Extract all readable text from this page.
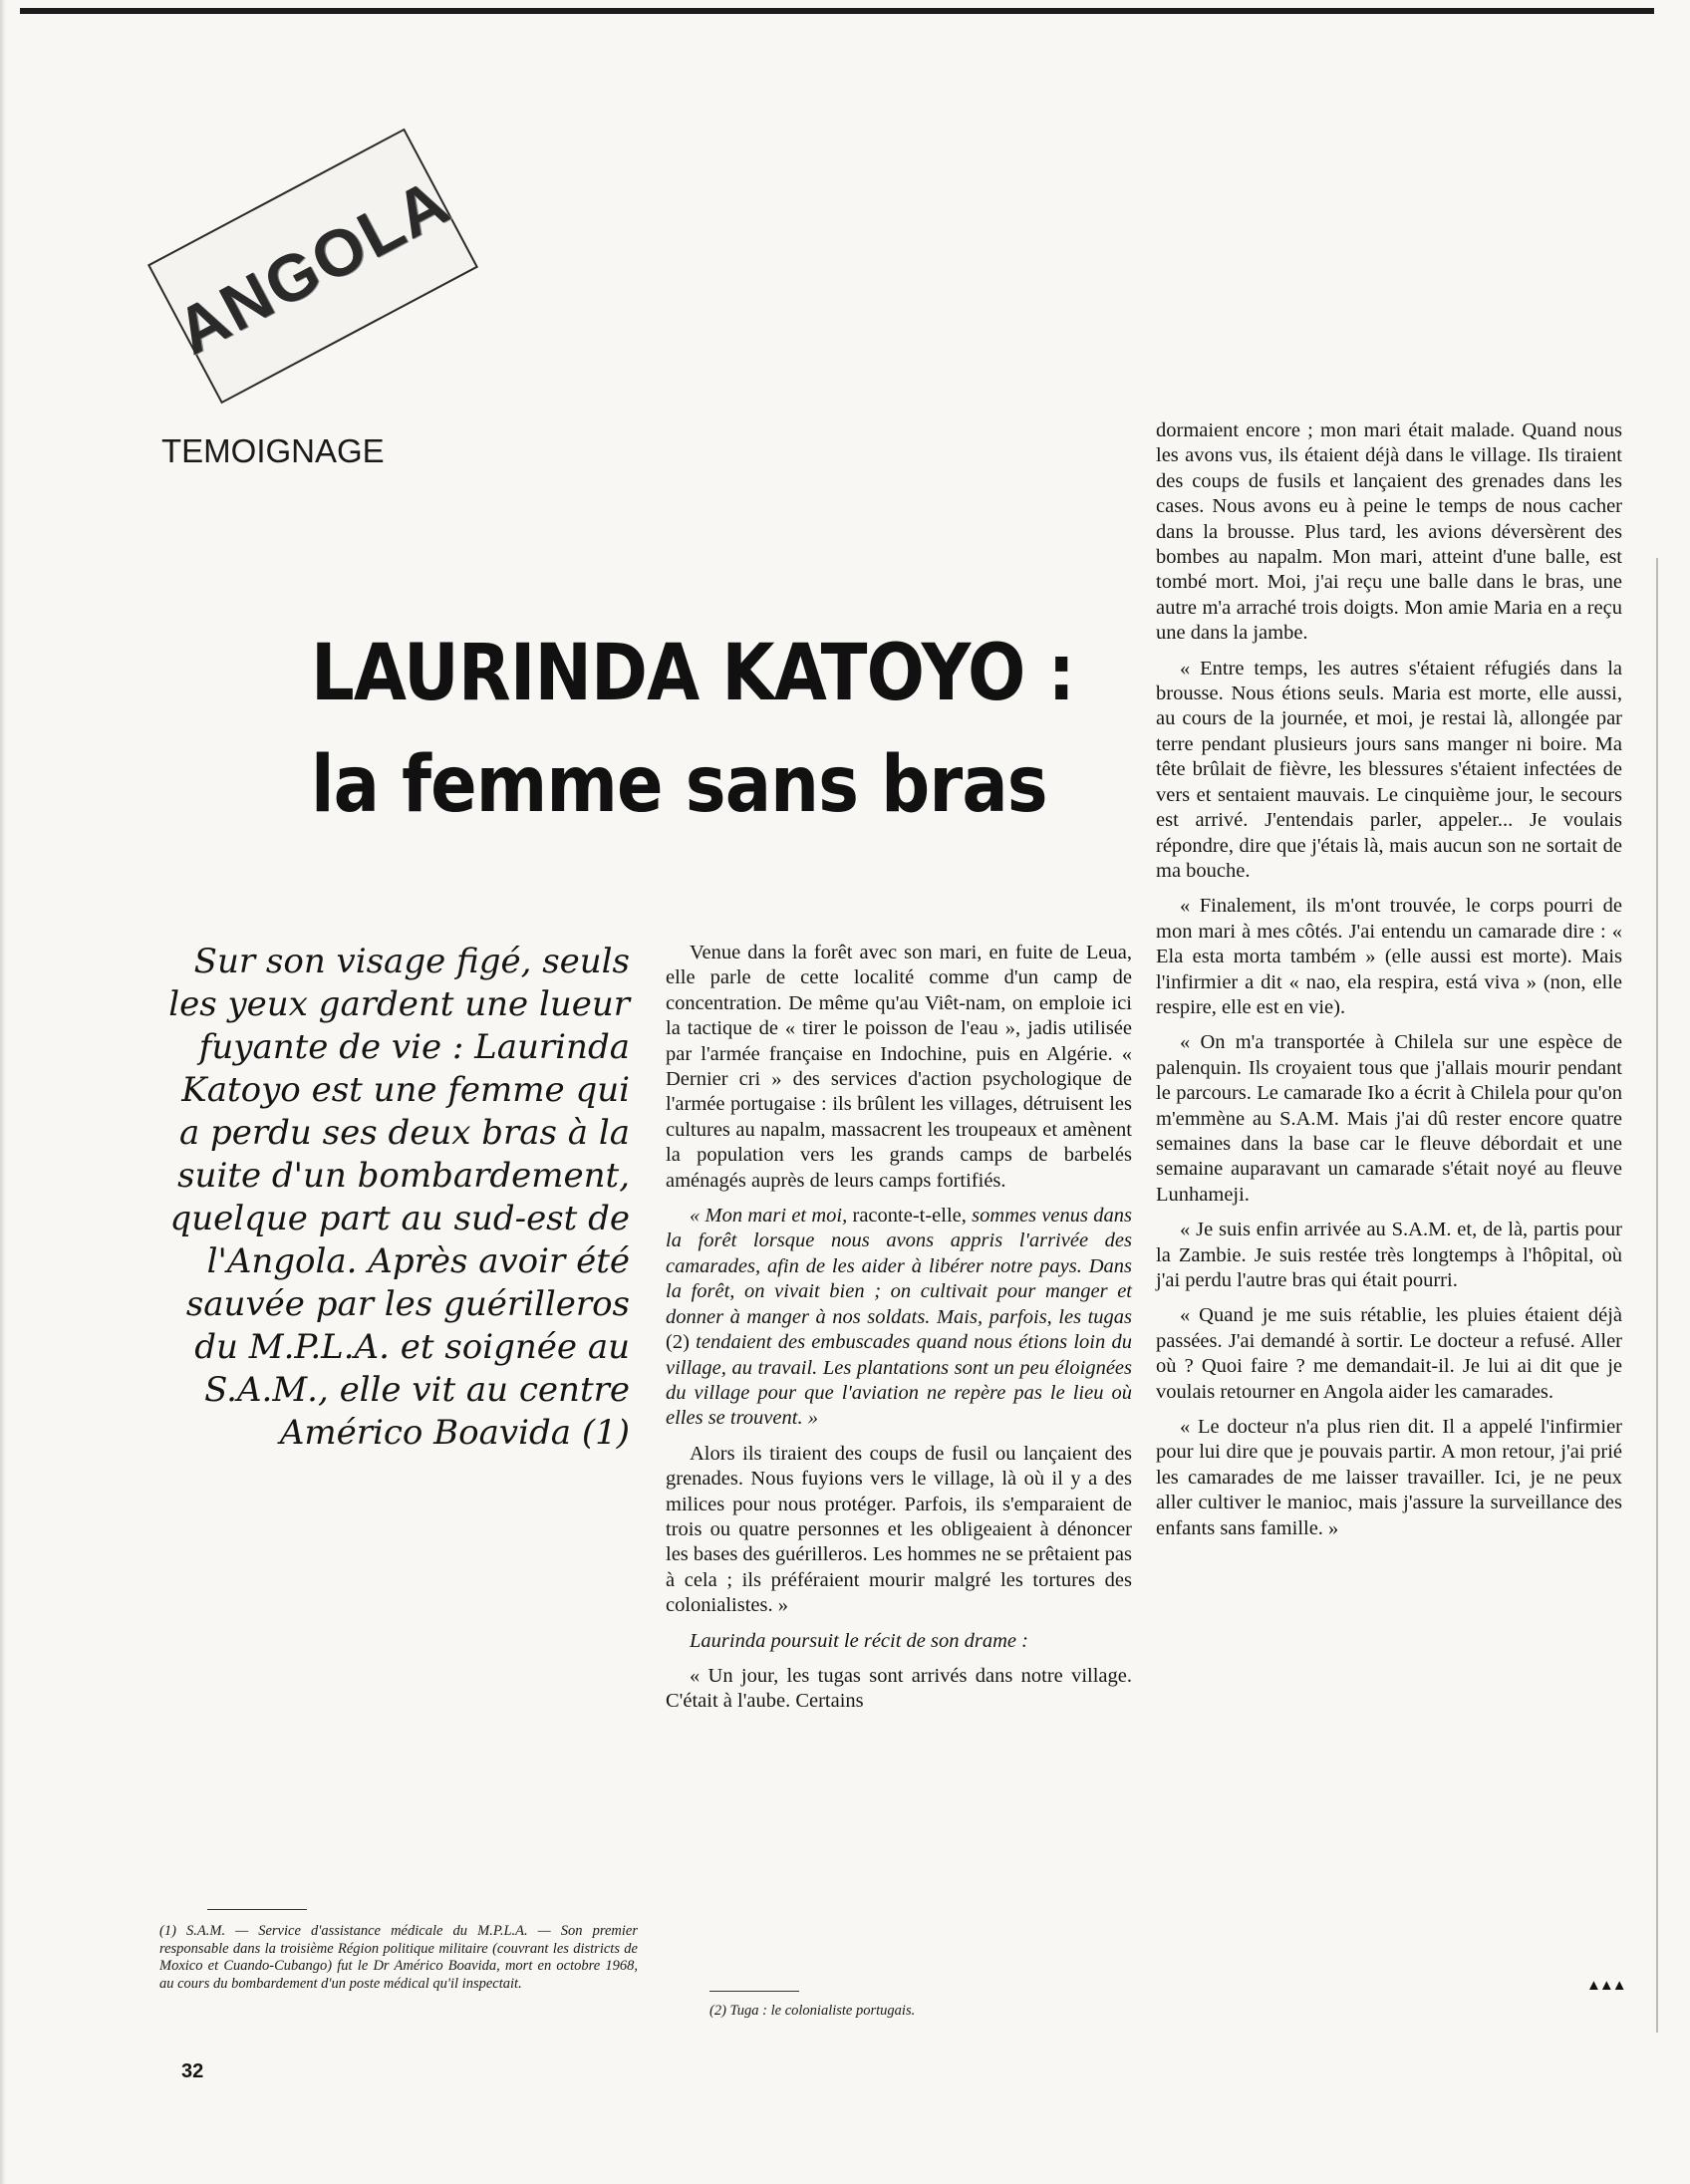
ANGOLA
TEMOIGNAGE
LAURINDA KATOYO :
la femme sans bras
Sur son visage figé, seuls les yeux gardent une lueur fuyante de vie : Laurinda Katoyo est une femme qui a perdu ses deux bras à la suite d'un bombardement, quelque part au sud-est de l'Angola. Après avoir été sauvée par les guérilleros du M.P.L.A. et soignée au S.A.M., elle vit au centre Américo Boavida (1)

Venue dans la forêt avec son mari, en fuite de Leua, elle parle de cette localité comme d'un camp de concentration. De même qu'au Viêt-nam, on emploie ici la tactique de « tirer le poisson de l'eau », jadis utilisée par l'armée française en Indochine, puis en Algérie. « Dernier cri » des services d'action psychologique de l'armée portugaise : ils brûlent les villages, détruisent les cultures au napalm, massacrent les troupeaux et amènent la population vers les grands camps de barbelés aménagés auprès de leurs camps fortifiés.

« Mon mari et moi, raconte-t-elle, sommes venus dans la forêt lorsque nous avons appris l'arrivée des camarades, afin de les aider à libérer notre pays. Dans la forêt, on vivait bien ; on cultivait pour manger et donner à manger à nos soldats. Mais, parfois, les tugas (2) tendaient des embuscades quand nous étions loin du village, au travail. Les plantations sont un peu éloignées du village pour que l'aviation ne repère pas le lieu où elles se trouvent. »

Alors ils tiraient des coups de fusil ou lançaient des grenades. Nous fuyions vers le village, là où il y a des milices pour nous protéger. Parfois, ils s'emparaient de trois ou quatre personnes et les obligeaient à dénoncer les bases des guérilleros. Les hommes ne se prêtaient pas à cela ; ils préféraient mourir malgré les tortures des colonialistes. »

Laurinda poursuit le récit de son drame :

« Un jour, les tugas sont arrivés dans notre village. C'était à l'aube. Certains

dormaient encore ; mon mari était malade. Quand nous les avons vus, ils étaient déjà dans le village. Ils tiraient des coups de fusils et lançaient des grenades dans les cases. Nous avons eu à peine le temps de nous cacher dans la brousse. Plus tard, les avions déversèrent des bombes au napalm. Mon mari, atteint d'une balle, est tombé mort. Moi, j'ai reçu une balle dans le bras, une autre m'a arraché trois doigts. Mon amie Maria en a reçu une dans la jambe.

« Entre temps, les autres s'étaient réfugiés dans la brousse. Nous étions seuls. Maria est morte, elle aussi, au cours de la journée, et moi, je restai là, allongée par terre pendant plusieurs jours sans manger ni boire. Ma tête brûlait de fièvre, les blessures s'étaient infectées de vers et sentaient mauvais. Le cinquième jour, le secours est arrivé. J'entendais parler, appeler... Je voulais répondre, dire que j'étais là, mais aucun son ne sortait de ma bouche.

« Finalement, ils m'ont trouvée, le corps pourri de mon mari à mes côtés. J'ai entendu un camarade dire : « Ela esta morta também » (elle aussi est morte). Mais l'infirmier a dit « nao, ela respira, está viva » (non, elle respire, elle est en vie).

« On m'a transportée à Chilela sur une espèce de palenquin. Ils croyaient tous que j'allais mourir pendant le parcours. Le camarade Iko a écrit à Chilela pour qu'on m'emmène au S.A.M. Mais j'ai dû rester encore quatre semaines dans la base car le fleuve débordait et une semaine auparavant un camarade s'était noyé au fleuve Lunhameji.

« Je suis enfin arrivée au S.A.M. et, de là, partis pour la Zambie. Je suis restée très longtemps à l'hôpital, où j'ai perdu l'autre bras qui était pourri.

« Quand je me suis rétablie, les pluies étaient déjà passées. J'ai demandé à sortir. Le docteur a refusé. Aller où ? Quoi faire ? me demandait-il. Je lui ai dit que je voulais retourner en Angola aider les camarades.

« Le docteur n'a plus rien dit. Il a appelé l'infirmier pour lui dire que je pouvais partir. A mon retour, j'ai prié les camarades de me laisser travailler. Ici, je ne peux aller cultiver le manioc, mais j'assure la surveillance des enfants sans famille. »

▲▲▲
(1) S.A.M. — Service d'assistance médicale du M.P.L.A. — Son premier responsable dans la troisième Région politique militaire (couvrant les districts de Moxico et Cuando-Cubango) fut le Dr Américo Boavida, mort en octobre 1968, au cours du bombardement d'un poste médical qu'il inspectait.
(2) Tuga : le colonialiste portugais.
32
